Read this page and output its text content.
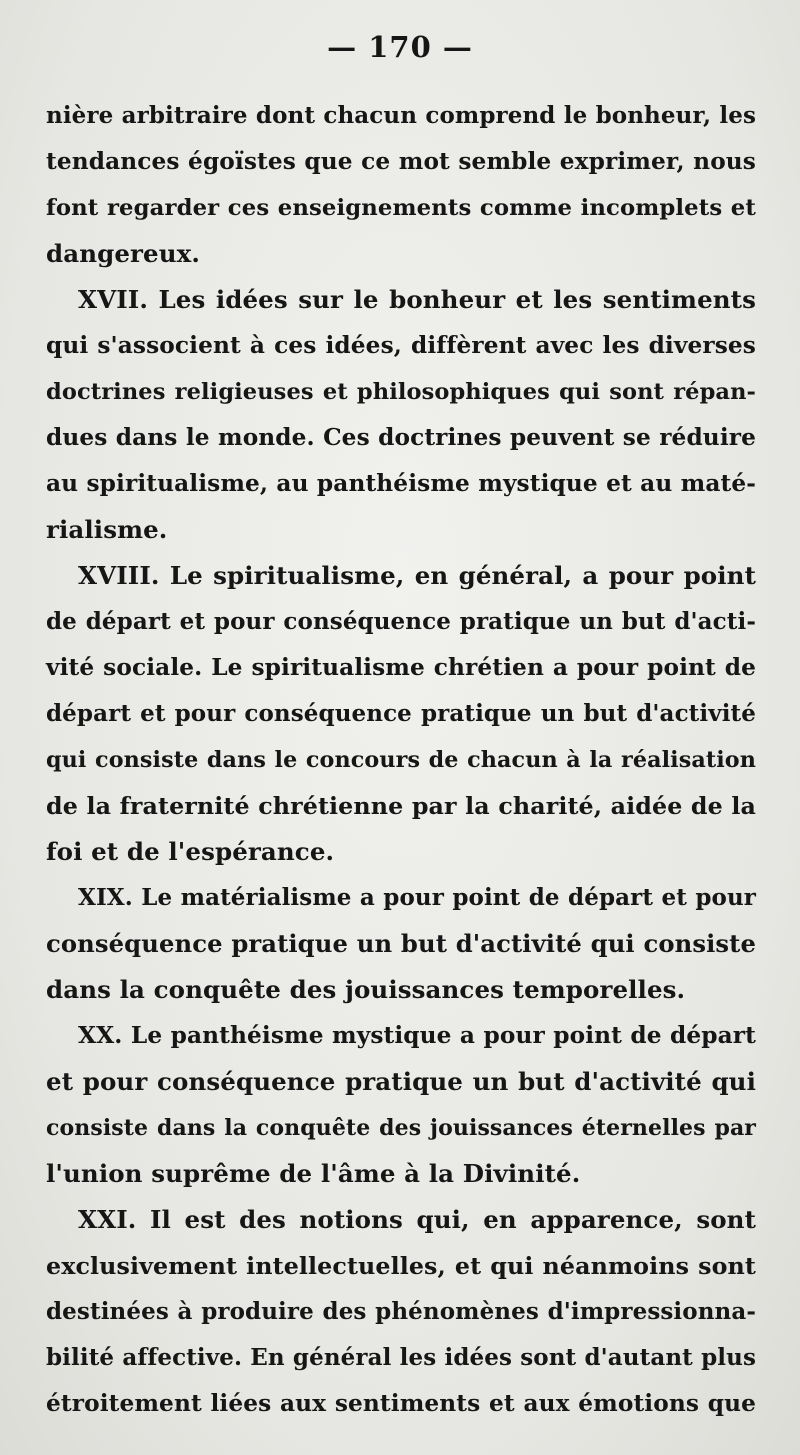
— 170 —
nière arbitraire dont chacun comprend le bonheur, les
tendances égoïstes que ce mot semble exprimer, nous
font regarder ces enseignements comme incomplets et
dangereux.
XVII. Les idées sur le bonheur et les sentiments
qui s'associent à ces idées, diffèrent avec les diverses
doctrines religieuses et philosophiques qui sont répan-
dues dans le monde. Ces doctrines peuvent se réduire
au spiritualisme, au panthéisme mystique et au maté-
rialisme.
XVIII. Le spiritualisme, en général, a pour point
de départ et pour conséquence pratique un but d'acti-
vité sociale. Le spiritualisme chrétien a pour point de
départ et pour conséquence pratique un but d'activité
qui consiste dans le concours de chacun à la réalisation
de la fraternité chrétienne par la charité, aidée de la
foi et de l'espérance.
XIX. Le matérialisme a pour point de départ et pour
conséquence pratique un but d'activité qui consiste
dans la conquête des jouissances temporelles.
XX. Le panthéisme mystique a pour point de départ
et pour conséquence pratique un but d'activité qui
consiste dans la conquête des jouissances éternelles par
l'union suprême de l'âme à la Divinité.
XXI. Il est des notions qui, en apparence, sont
exclusivement intellectuelles, et qui néanmoins sont
destinées à produire des phénomènes d'impressionna-
bilité affective. En général les idées sont d'autant plus
étroitement liées aux sentiments et aux émotions que
